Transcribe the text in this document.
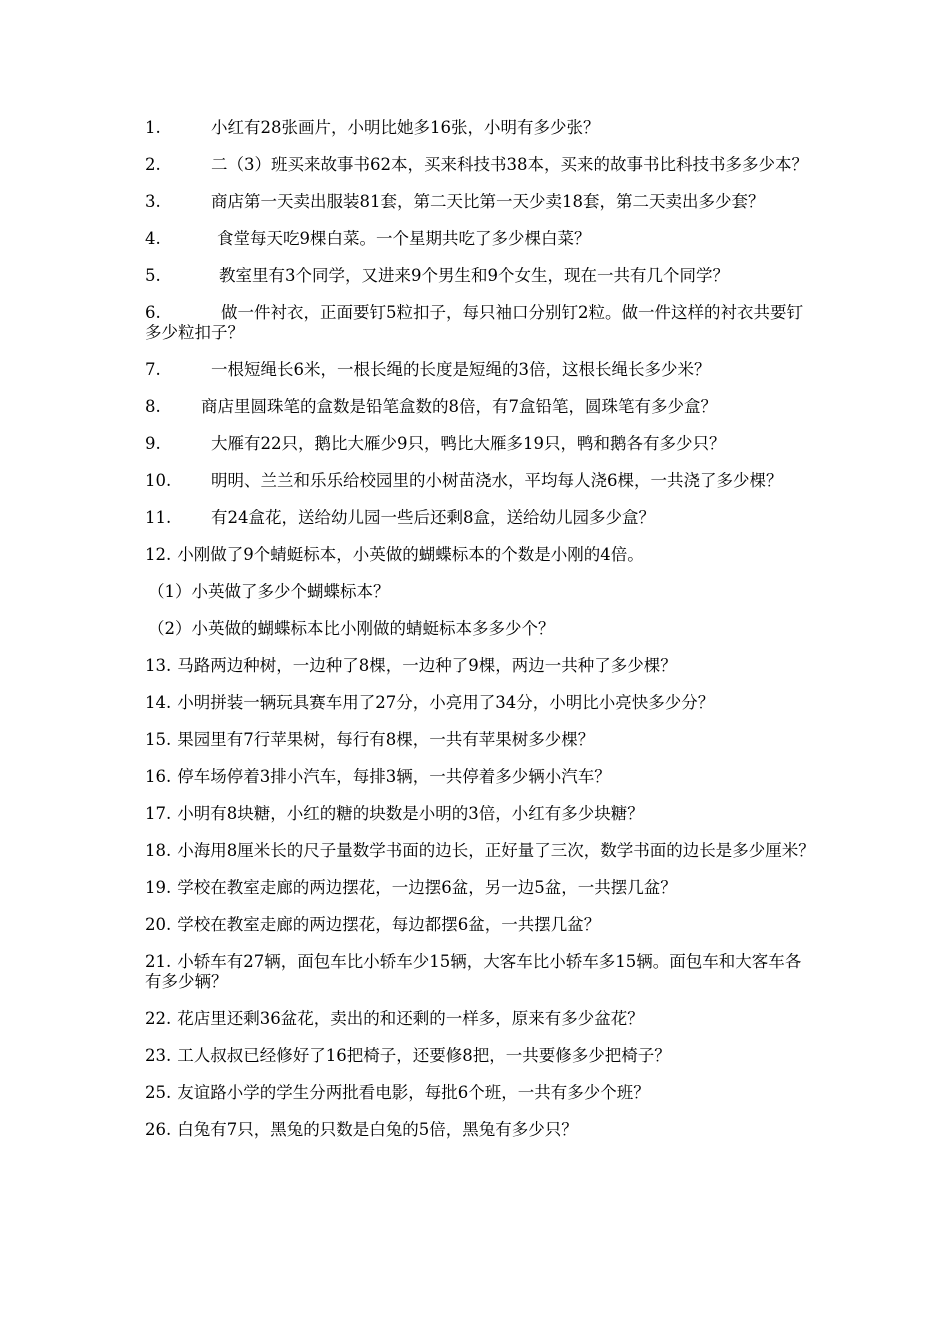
1.	小红有28张画片，小明比她多16张，小明有多少张？
2.	二（3）班买来故事书62本，买来科技书38本，买来的故事书比科技书多多少本？
3.	商店第一天卖出服装81套，第二天比第一天少卖18套，第二天卖出多少套？
4.	食堂每天吃9棵白菜。一个星期共吃了多少棵白菜？
5.	教室里有3个同学，又进来9个男生和9个女生，现在一共有几个同学？
6.	做一件衬衣，正面要钉5粒扣子，每只袖口分别钉2粒。做一件这样的衬衣共要钉多少粒扣子？
7.	一根短绳长6米，一根长绳的长度是短绳的3倍，这根长绳长多少米？
8. 商店里圆珠笔的盒数是铅笔盒数的8倍，有7盒铅笔，圆珠笔有多少盒？
9.	大雁有22只，鹅比大雁少9只，鸭比大雁多19只，鸭和鹅各有多少只？
10. 明明、兰兰和乐乐给校园里的小树苗浇水，平均每人浇6棵，一共浇了多少棵？
11. 有24盒花，送给幼儿园一些后还剩8盒，送给幼儿园多少盒？
12. 小刚做了9个蜻蜓标本，小英做的蝴蝶标本的个数是小刚的4倍。
（1）小英做了多少个蝴蝶标本？
（2）小英做的蝴蝶标本比小刚做的蜻蜓标本多多少个？
13. 马路两边种树，一边种了8棵，一边种了9棵，两边一共种了多少棵？
14. 小明拼装一辆玩具赛车用了27分，小亮用了34分，小明比小亮快多少分？
15. 果园里有7行苹果树，每行有8棵，一共有苹果树多少棵？
16. 停车场停着3排小汽车，每排3辆，一共停着多少辆小汽车？
17. 小明有8块糖，小红的糖的块数是小明的3倍，小红有多少块糖？
18. 小海用8厘米长的尺子量数学书面的边长，正好量了三次，数学书面的边长是多少厘米？
19. 学校在教室走廊的两边摆花，一边摆6盆，另一边5盆，一共摆几盆？
20. 学校在教室走廊的两边摆花，每边都摆6盆，一共摆几盆？
21. 小轿车有27辆，面包车比小轿车少15辆，大客车比小轿车多15辆。面包车和大客车各有多少辆？
22. 花店里还剩36盆花，卖出的和还剩的一样多，原来有多少盆花？
23. 工人叔叔已经修好了16把椅子，还要修8把，一共要修多少把椅子？
25. 友谊路小学的学生分两批看电影，每批6个班，一共有多少个班？
26. 白兔有7只，黑兔的只数是白兔的5倍，黑兔有多少只？
